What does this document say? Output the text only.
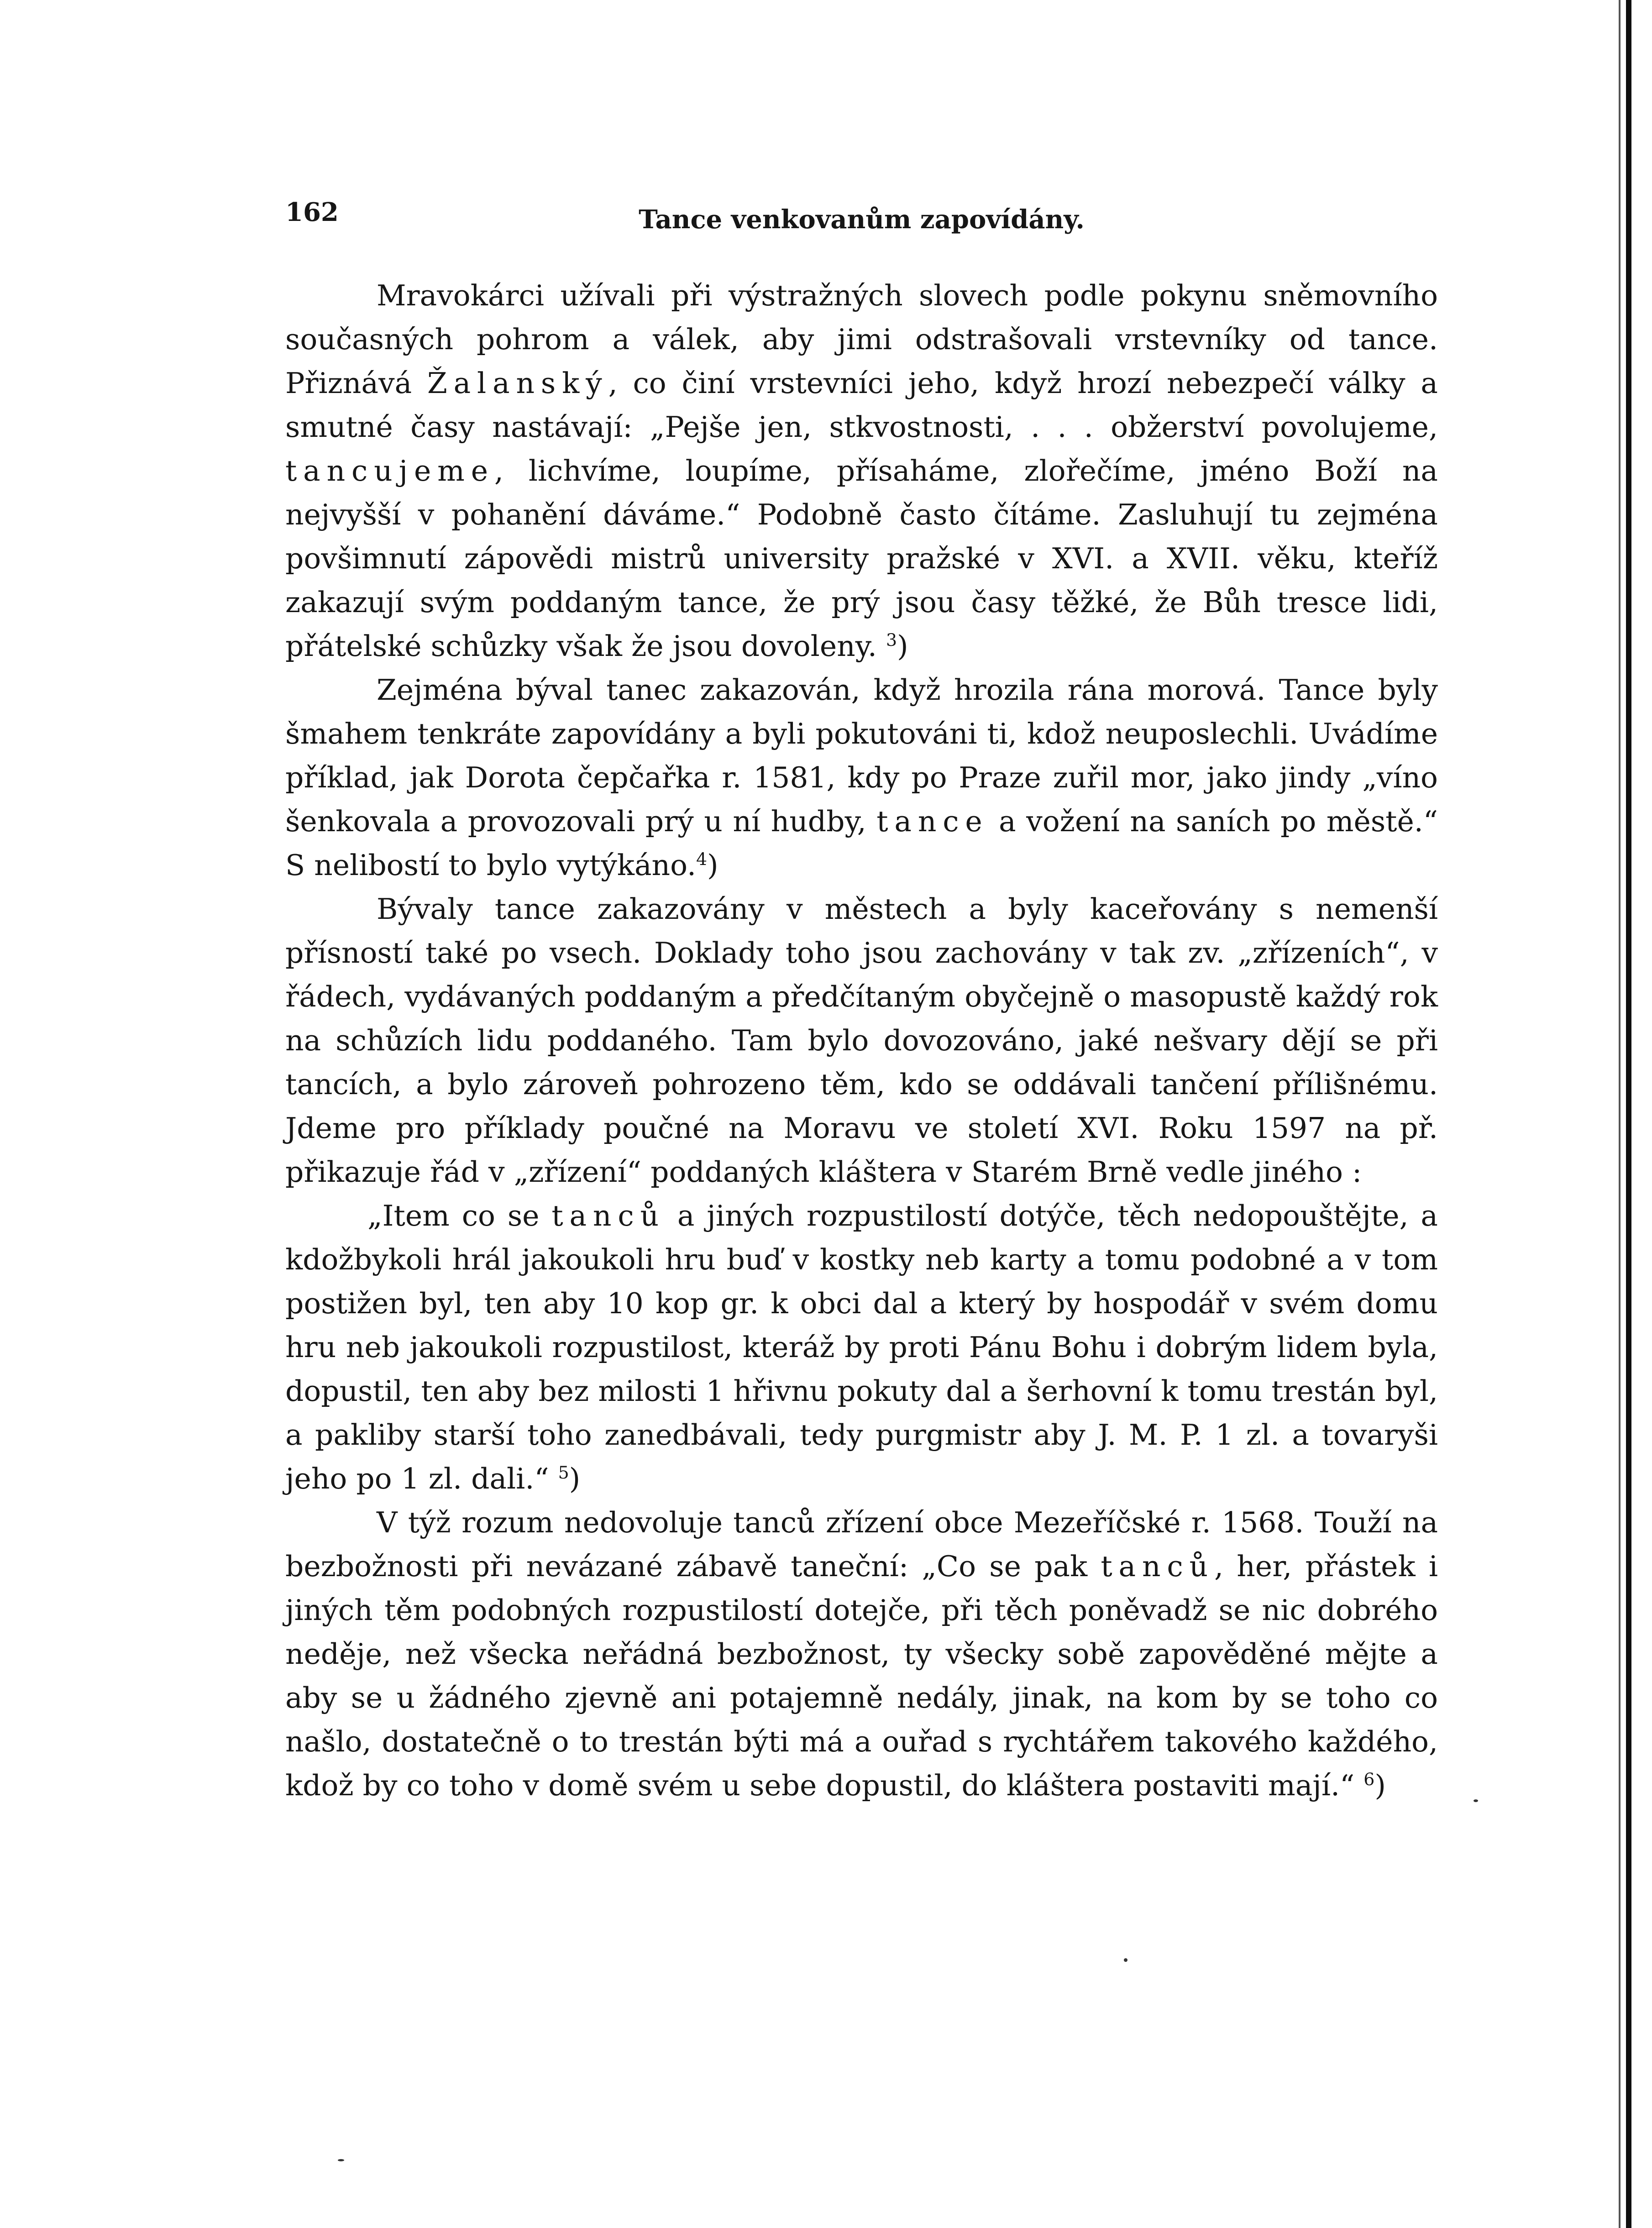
162	Tance venkovanům zapovídány.

Mravokárci užívali při výstražných slovech podle pokynu sněmovního současných pohrom a válek, aby jimi odstrašovali vrstevníky od tance. Přiznává Žalanský, co činí vrstevníci jeho, když hrozí nebezpečí války a smutné časy nastávají: „Pejše jen, stkvostnosti, . . . obžerství povolujeme, tancujeme, lichvíme, loupíme, přísaháme, zlořečíme, jméno Boží na nejvyšší v pohanění dáváme.“ Podobně často čítáme. Zasluhují tu zejména povšimnutí zápovědi mistrů university pražské v XVI. a XVII. věku, kteříž zakazují svým poddaným tance, že prý jsou časy těžké, že Bůh tresce lidi, přátelské schůzky však že jsou dovoleny. $^3$)

Zejména býval tanec zakazován, když hrozila rána morová. Tance byly šmahem tenkráte zapovídány a byli pokutováni ti, kdož neuposlechli. Uvádíme příklad, jak Dorota čepčařka r. 1581, kdy po Praze zuřil mor, jako jindy „víno šenkovala a provozovali prý u ní hudby, tance a vožení na saních po městě.“ S nelibostí to bylo vytýkáno.$^4$)

Bývaly tance zakazovány v městech a byly kaceřovány s nemenší přísností také po vsech. Doklady toho jsou zachovány v tak zv. „zřízeních“, v řádech, vydávaných poddaným a předčítaným obyčejně o masopustě každý rok na schůzích lidu poddaného. Tam bylo dovozováno, jaké nešvary dějí se při tancích, a bylo zároveň pohrozeno těm, kdo se oddávali tančení přílišnému. Jdeme pro příklady poučné na Moravu ve století XVI. Roku 1597 na př. přikazuje řád v „zřízení“ poddaných kláštera v Starém Brně vedle jiného :

„Item co se tanců a jiných rozpustilostí dotýče, těch nedopouštějte, a kdožbykoli hrál jakoukoli hru buď v kostky neb karty a tomu podobné a v tom postižen byl, ten aby 10 kop gr. k obci dal a který by hospodář v svém domu hru neb jakoukoli rozpustilost, kteráž by proti Pánu Bohu i dobrým lidem byla, dopustil, ten aby bez milosti 1 hřivnu pokuty dal a šerhovní k tomu trestán byl, a pakliby starší toho zanedbávali, tedy purgmistr aby J. M. P. 1 zl. a tovaryši jeho po 1 zl. dali.“ $^5$)

V týž rozum nedovoluje tanců zřízení obce Mezeříčské r. 1568. Touží na bezbožnosti při nevázané zábavě taneční: „Co se pak tanců, her, přástek i jiných těm podobných rozpustilostí dotejče, při těch poněvadž se nic dobrého neděje, než všecka neřádná bezbožnost, ty všecky sobě zapověděné mějte a aby se u žádného zjevně ani potajemně nedály, jinak, na kom by se toho co našlo, dostatečně o to trestán býti má a ouřad s rychtářem takového každého, kdož by co toho v domě svém u sebe dopustil, do kláštera postaviti mají.“ $^6$)
